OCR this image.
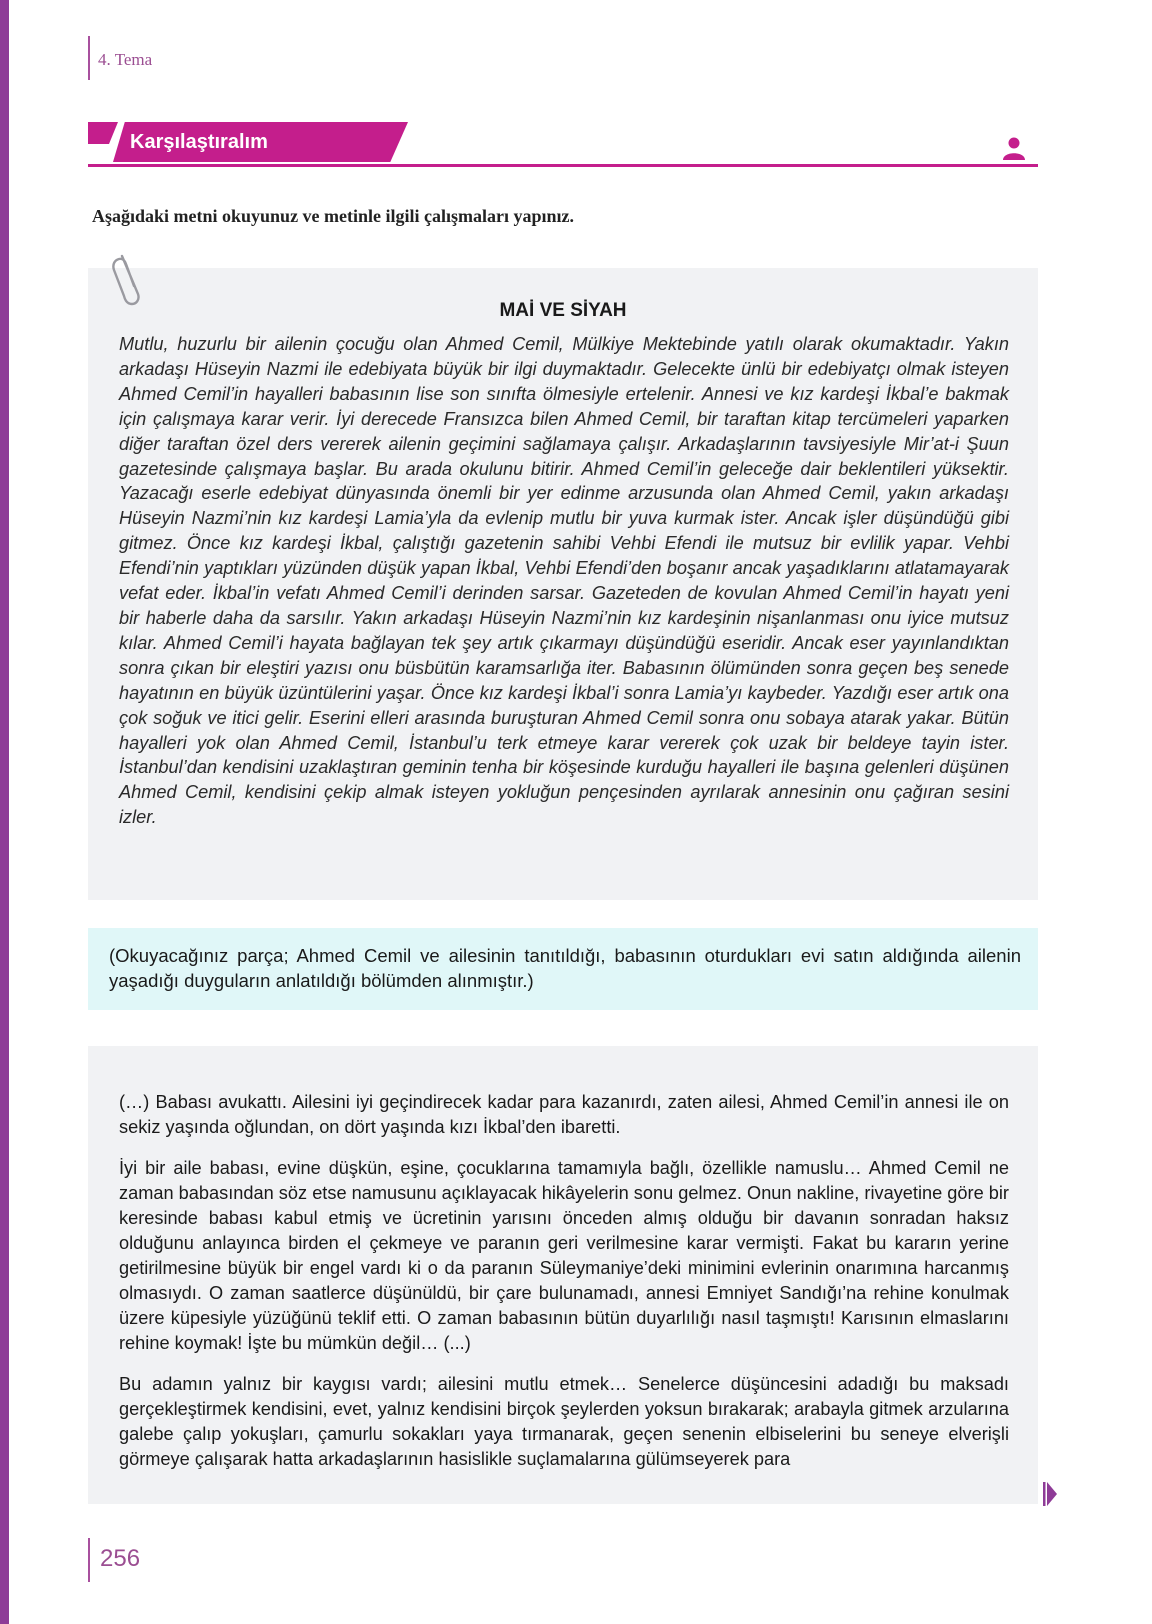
4. Tema
Karşılaştıralım
Aşağıdaki metni okuyunuz ve metinle ilgili çalışmaları yapınız.
MAİ VE SİYAH
Mutlu, huzurlu bir ailenin çocuğu olan Ahmed Cemil, Mülkiye Mektebinde yatılı olarak okumaktadır. Yakın arkadaşı Hüseyin Nazmi ile edebiyata büyük bir ilgi duymaktadır. Gelecekte ünlü bir edebiyatçı olmak isteyen Ahmed Cemil’in hayalleri babasının lise son sınıfta ölmesiyle ertelenir. Annesi ve kız kardeşi İkbal’e bakmak için çalışmaya karar verir. İyi derecede Fransızca bilen Ahmed Cemil, bir taraftan kitap tercümeleri yaparken diğer taraftan özel ders vererek ailenin geçimini sağlamaya çalışır. Arkadaşlarının tavsiyesiyle Mir’at-i Şuun gazetesinde çalışmaya başlar. Bu arada okulunu bitirir. Ahmed Cemil’in geleceğe dair beklentileri yüksektir. Yazacağı eserle edebiyat dünyasında önemli bir yer edinme arzusunda olan Ahmed Cemil, yakın arkadaşı Hüseyin Nazmi’nin kız kardeşi Lamia’yla da evlenip mutlu bir yuva kurmak ister. Ancak işler düşündüğü gibi gitmez. Önce kız kardeşi İkbal, çalıştığı gazetenin sahibi Vehbi Efendi ile mutsuz bir evlilik yapar. Vehbi Efendi’nin yaptıkları yüzünden düşük yapan İkbal, Vehbi Efendi’den boşanır ancak yaşadıklarını atlatamayarak vefat eder. İkbal’in vefatı Ahmed Cemil’i derinden sarsar. Gazeteden de kovulan Ahmed Cemil’in hayatı yeni bir haberle daha da sarsılır. Yakın arkadaşı Hüseyin Nazmi’nin kız kardeşinin nişanlanması onu iyice mutsuz kılar. Ahmed Cemil’i hayata bağlayan tek şey artık çıkarmayı düşündüğü eseridir. Ancak eser yayınlandıktan sonra çıkan bir eleştiri yazısı onu büsbütün karamsarlığa iter. Babasının ölümünden sonra geçen beş senede hayatının en büyük üzüntülerini yaşar. Önce kız kardeşi İkbal’i sonra Lamia’yı kaybeder. Yazdığı eser artık ona çok soğuk ve itici gelir. Eserini elleri arasında buruşturan Ahmed Cemil sonra onu sobaya atarak yakar. Bütün hayalleri yok olan Ahmed Cemil, İstanbul’u terk etmeye karar vererek çok uzak bir beldeye tayin ister. İstanbul’dan kendisini uzaklaştıran geminin tenha bir köşesinde kurduğu hayalleri ile başına gelenleri düşünen Ahmed Cemil, kendisini çekip almak isteyen yokluğun pençesinden ayrılarak annesinin onu çağıran sesini izler.
(Okuyacağınız parça; Ahmed Cemil ve ailesinin tanıtıldığı, babasının oturdukları evi satın aldığında ailenin yaşadığı duyguların anlatıldığı bölümden alınmıştır.)

(…) Babası avukattı. Ailesini iyi geçindirecek kadar para kazanırdı, zaten ailesi, Ahmed Cemil’in annesi ile on sekiz yaşında oğlundan, on dört yaşında kızı İkbal’den ibaretti.

İyi bir aile babası, evine düşkün, eşine, çocuklarına tamamıyla bağlı, özellikle namuslu… Ahmed Cemil ne zaman babasından söz etse namusunu açıklayacak hikâyelerin sonu gelmez. Onun nakline, rivayetine göre bir keresinde babası kabul etmiş ve ücretinin yarısını önceden almış olduğu bir davanın sonradan haksız olduğunu anlayınca birden el çekmeye ve paranın geri verilmesine karar vermişti. Fakat bu kararın yerine getirilmesine büyük bir engel vardı ki o da paranın Süleymaniye’deki minimini evlerinin onarımına harcanmış olmasıydı. O zaman saatlerce düşünüldü, bir çare bulunamadı, annesi Emniyet Sandığı’na rehine konulmak üzere küpesiyle yüzüğünü teklif etti. O zaman babasının bütün duyarlılığı nasıl taşmıştı! Karısının elmaslarını rehine koymak! İşte bu mümkün değil… (...)

Bu adamın yalnız bir kaygısı vardı; ailesini mutlu etmek… Senelerce düşüncesini adadığı bu maksadı gerçekleştirmek kendisini, evet, yalnız kendisini birçok şeylerden yoksun bırakarak; arabayla gitmek arzularına galebe çalıp yokuşları, çamurlu sokakları yaya tırmanarak, geçen senenin elbiselerini bu seneye elverişli görmeye çalışarak hatta arkadaşlarının hasislikle suçlamalarına gülümseyerek para

256
